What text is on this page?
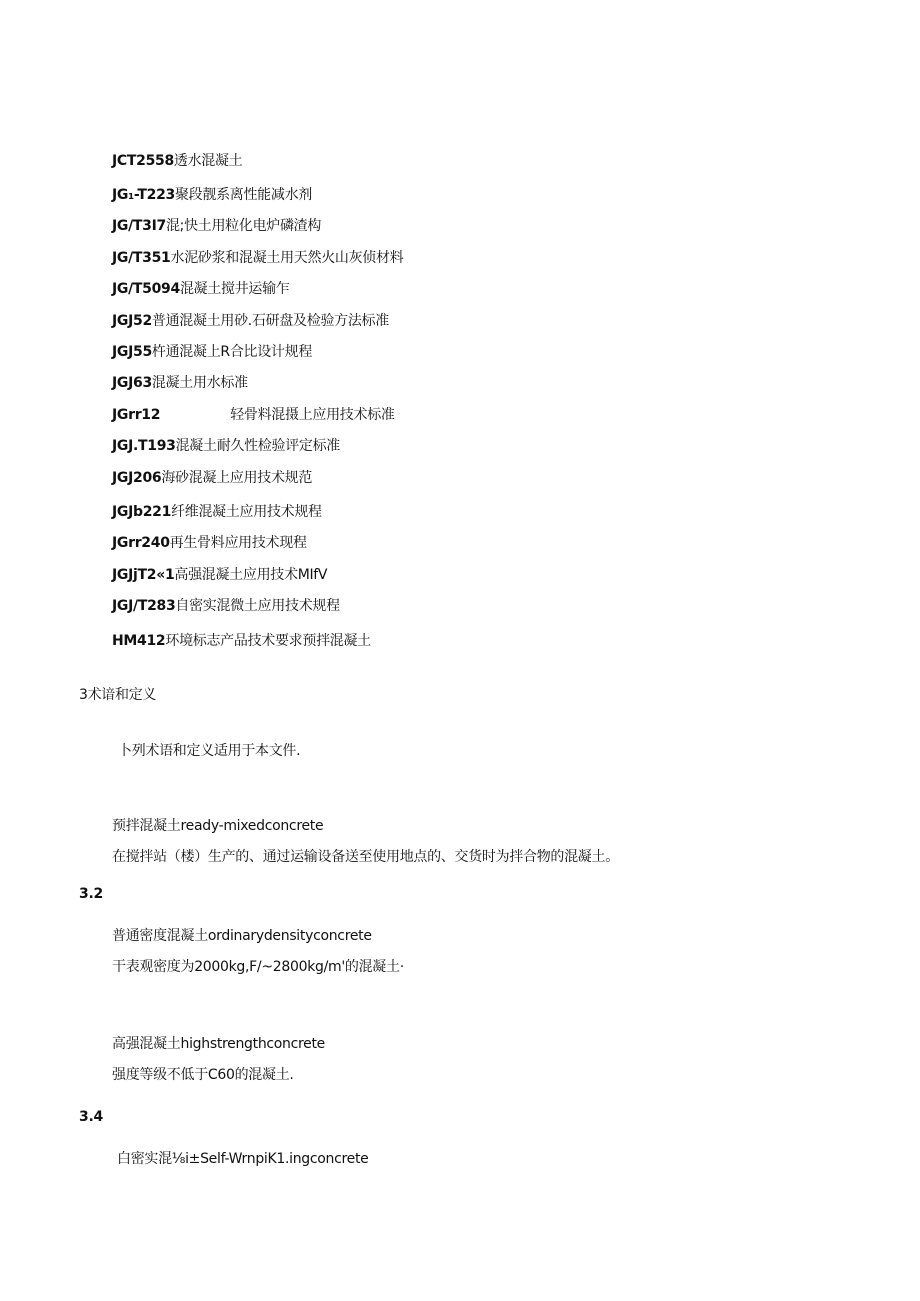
JCT2558透水混凝土
JG₁-T223聚段靓系离性能减水剂
JG/T3I7混;快土用粒化电炉磷渣构
JG/T351水泥砂浆和混凝土用天然火山灰侦材料
JG/T5094混凝土搅井运输乍
JGJ52普通混凝土用砂.石研盘及检验方法标准
JGJ55杵通混凝上R合比设计规程
JGJ63混凝土用水标准
JGrr12	轻骨料混摄上应用技术标准
JGJ.T193混凝土耐久性检验评定标准
JGJ206海砂混凝上应用技术规范
JGJb221纤维混凝土应用技术规程
JGrr240再生骨料应用技术现程
JGJjT2«1高强混凝土应用技术MIfV
JGJ/T283自密实混微土应用技术规程
HM412环境标志产品技术要求预拌混凝土
3术谙和定义
卜列术语和定义适用于本文件.
预拌混凝土ready-mixedconcrete
在搅拌站（楼）生产的、通过运输设备送至使用地点的、交货时为拌合物的混凝土。
3.2
普通密度混凝土ordinarydensityconcrete
干表观密度为2000kg,F/~2800kg/m'的混凝土·
高强混凝土highstrengthconcrete
强度等级不低于C60的混凝土.
3.4
白密实混⅛i±Self-WrnpiK1.ingconcrete
